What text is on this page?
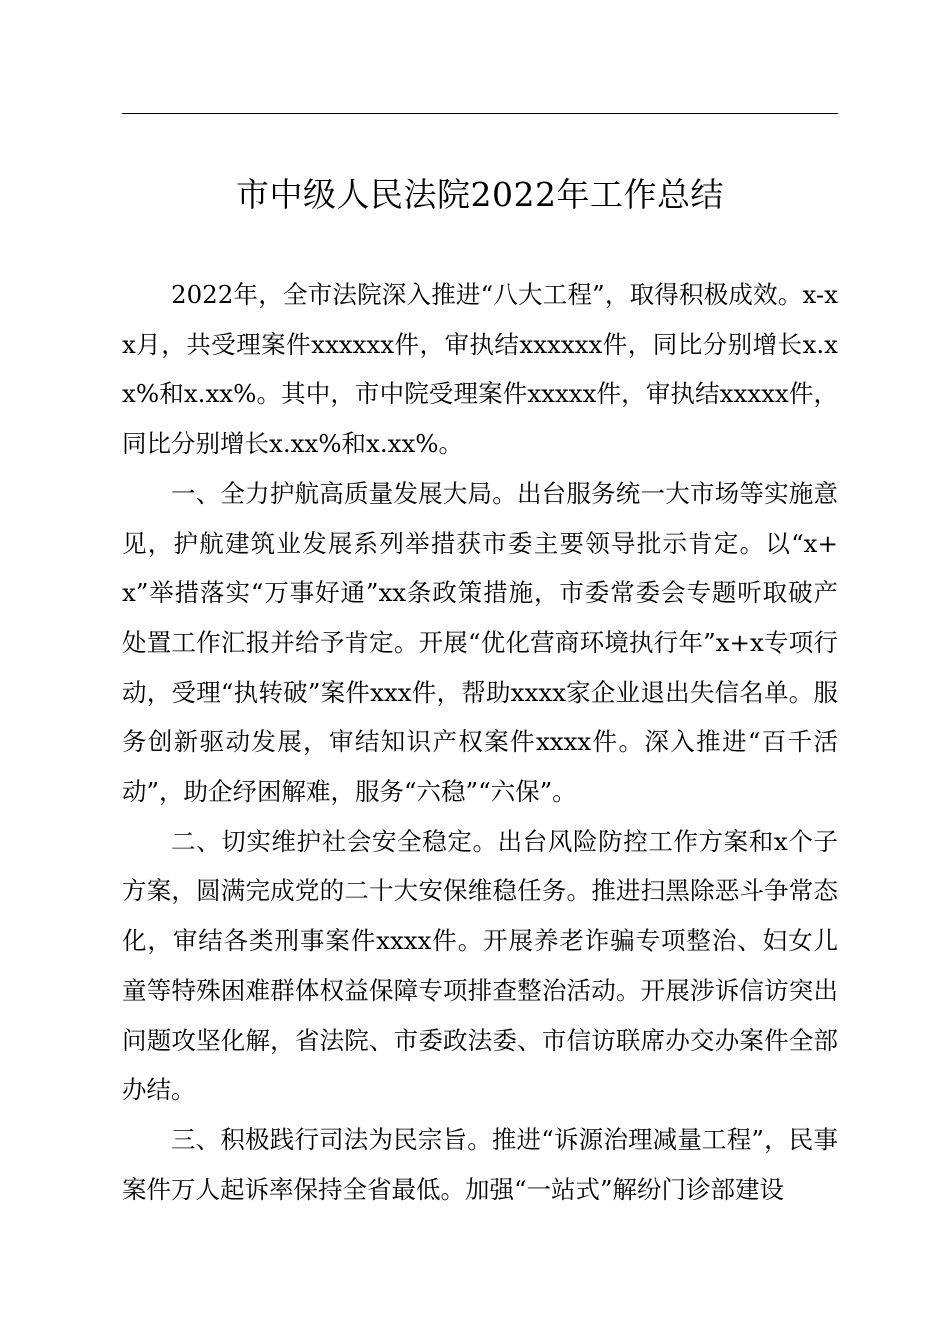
市中级人民法院2022年工作总结

2022年，全市法院深入推进“八大工程”，取得积极成效。x-xx月，共受理案件xxxxxx件，审执结xxxxxx件，同比分别增长x.xx%和x.xx%。其中，市中院受理案件xxxxx件，审执结xxxxx件，同比分别增长x.xx%和x.xx%。

一、全力护航高质量发展大局。出台服务统一大市场等实施意见，护航建筑业发展系列举措获市委主要领导批示肯定。以“x+x”举措落实“万事好通”xx条政策措施，市委常委会专题听取破产处置工作汇报并给予肯定。开展“优化营商环境执行年”x+x专项行动，受理“执转破”案件xxx件，帮助xxxx家企业退出失信名单。服务创新驱动发展，审结知识产权案件xxxx件。深入推进“百千活动”，助企纾困解难，服务“六稳”“六保”。

二、切实维护社会安全稳定。出台风险防控工作方案和x个子方案，圆满完成党的二十大安保维稳任务。推进扫黑除恶斗争常态化，审结各类刑事案件xxxx件。开展养老诈骗专项整治、妇女儿童等特殊困难群体权益保障专项排查整治活动。开展涉诉信访突出问题攻坚化解，省法院、市委政法委、市信访联席办交办案件全部办结。

三、积极践行司法为民宗旨。推进“诉源治理减量工程”，民事案件万人起诉率保持全省最低。加强“一站式”解纷门诊部建设
